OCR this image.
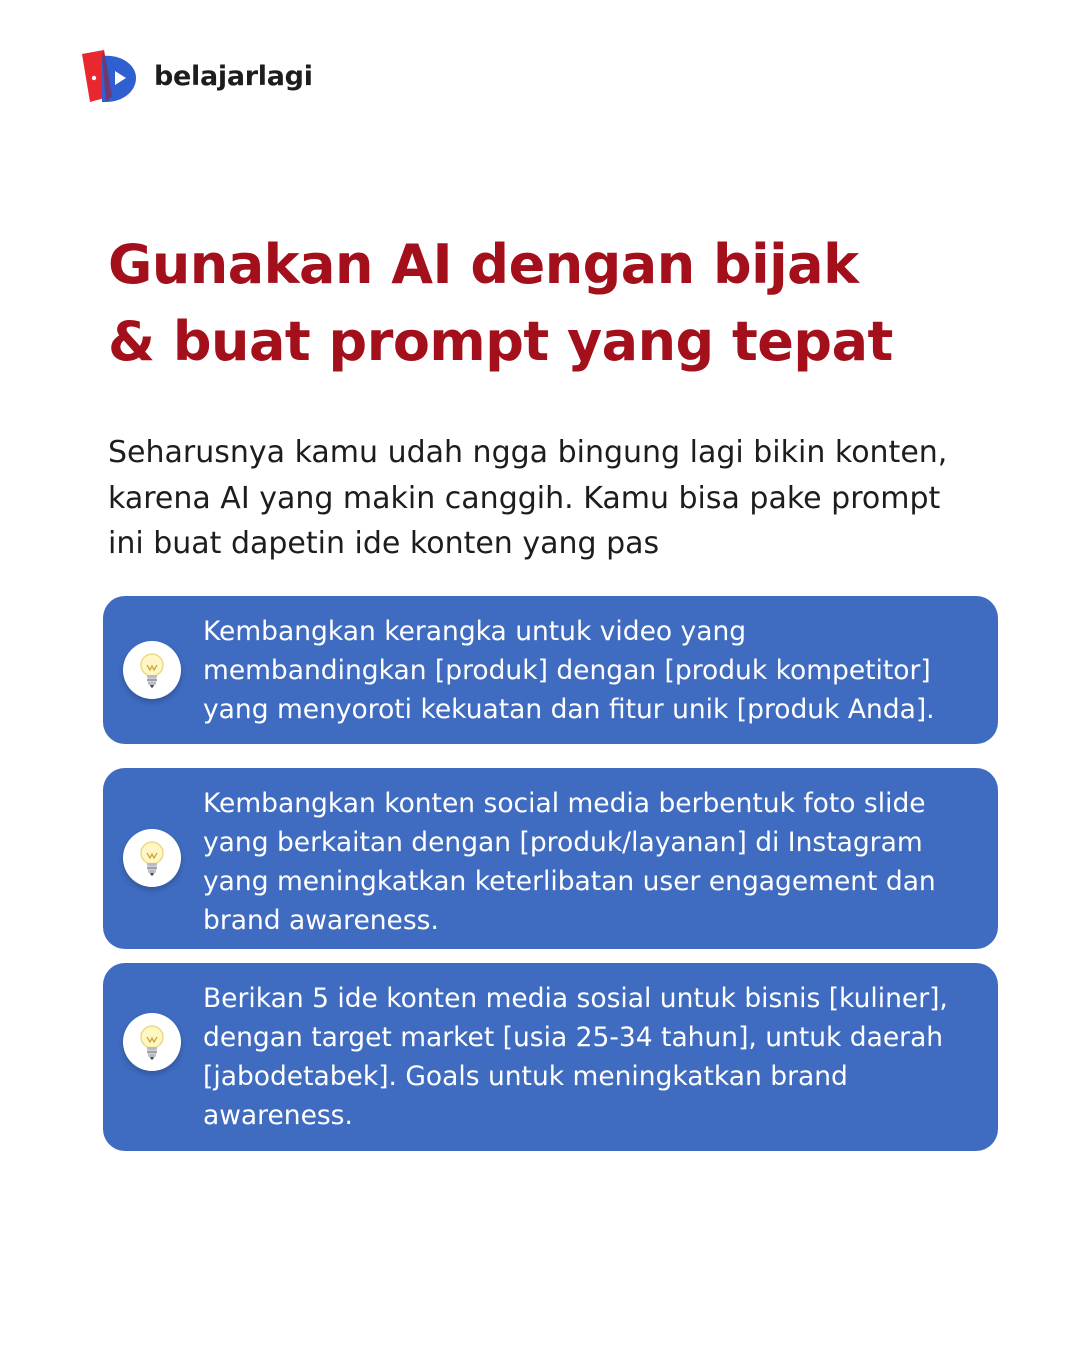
belajarlagi
Gunakan AI dengan bijak
& buat prompt yang tepat

Seharusnya kamu udah ngga bingung lagi bikin konten,
karena AI yang makin canggih. Kamu bisa pake prompt
ini buat dapetin ide konten yang pas

Kembangkan kerangka untuk video yang
membandingkan [produk] dengan [produk kompetitor]
yang menyoroti kekuatan dan fitur unik [produk Anda].

Kembangkan konten social media berbentuk foto slide
yang berkaitan dengan [produk/layanan] di Instagram
yang meningkatkan keterlibatan user engagement dan
brand awareness.

Berikan 5 ide konten media sosial untuk bisnis [kuliner],
dengan target market [usia 25-34 tahun], untuk daerah
[jabodetabek]. Goals untuk meningkatkan brand
awareness.
